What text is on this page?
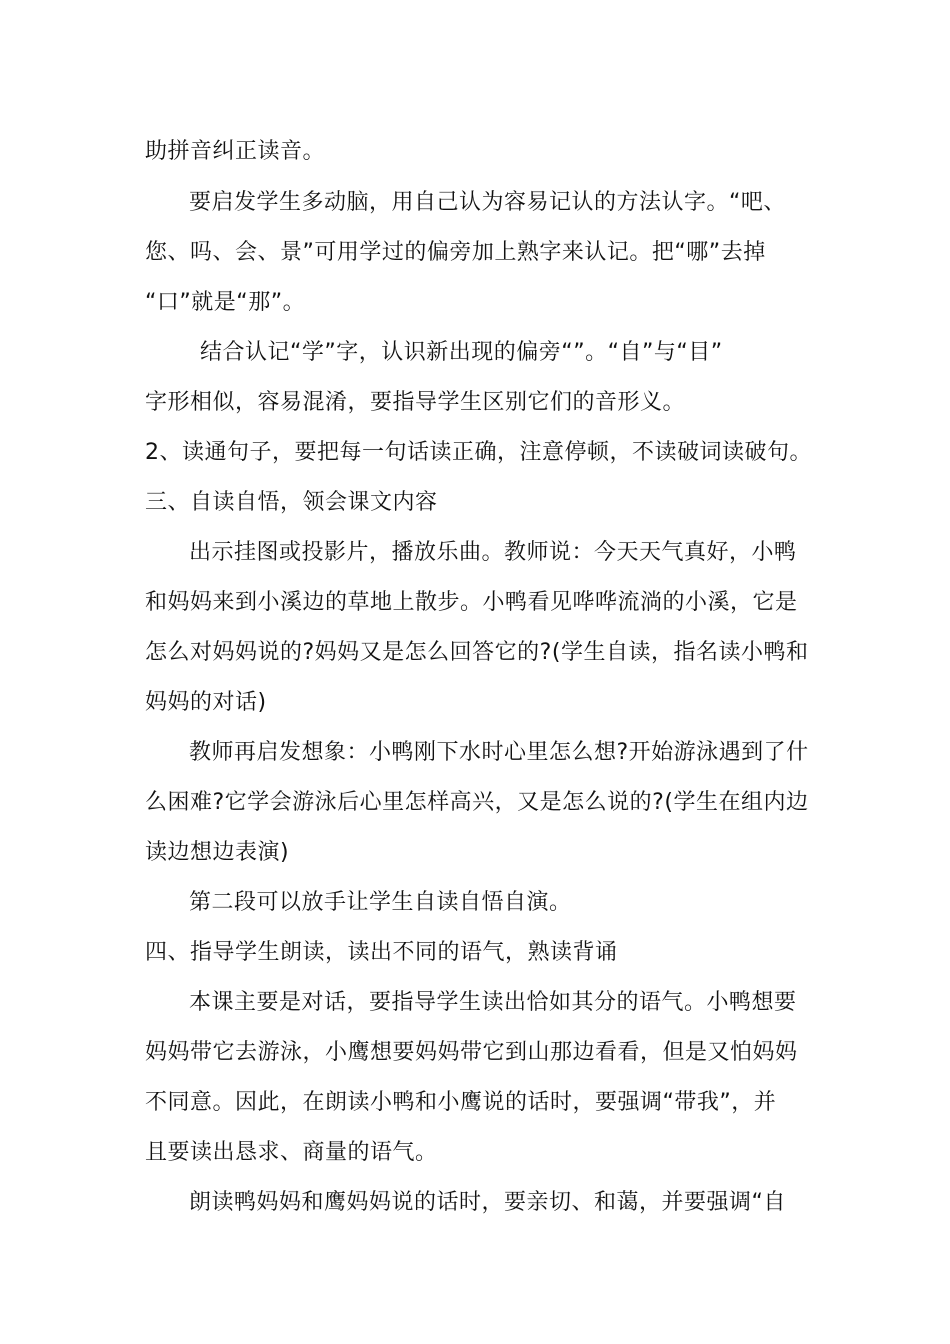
助拼音纠正读音。
要启发学生多动脑，用自己认为容易记认的方法认字。“吧、
您、吗、会、景”可用学过的偏旁加上熟字来认记。把“哪”去掉
“口”就是“那”。
结合认记“学”字，认识新出现的偏旁“”。“自”与“目”
字形相似，容易混淆，要指导学生区别它们的音形义。
2、读通句子，要把每一句话读正确，注意停顿，不读破词读破句。
三、自读自悟，领会课文内容
出示挂图或投影片，播放乐曲。教师说：今天天气真好，小鸭
和妈妈来到小溪边的草地上散步。小鸭看见哗哗流淌的小溪，它是
怎么对妈妈说的?妈妈又是怎么回答它的?(学生自读，指名读小鸭和
妈妈的对话)
教师再启发想象：小鸭刚下水时心里怎么想?开始游泳遇到了什
么困难?它学会游泳后心里怎样高兴，又是怎么说的?(学生在组内边
读边想边表演)
第二段可以放手让学生自读自悟自演。
四、指导学生朗读，读出不同的语气，熟读背诵
本课主要是对话，要指导学生读出恰如其分的语气。小鸭想要
妈妈带它去游泳，小鹰想要妈妈带它到山那边看看，但是又怕妈妈
不同意。因此，在朗读小鸭和小鹰说的话时，要强调“带我”，并
且要读出恳求、商量的语气。
朗读鸭妈妈和鹰妈妈说的话时，要亲切、和蔼，并要强调“自
